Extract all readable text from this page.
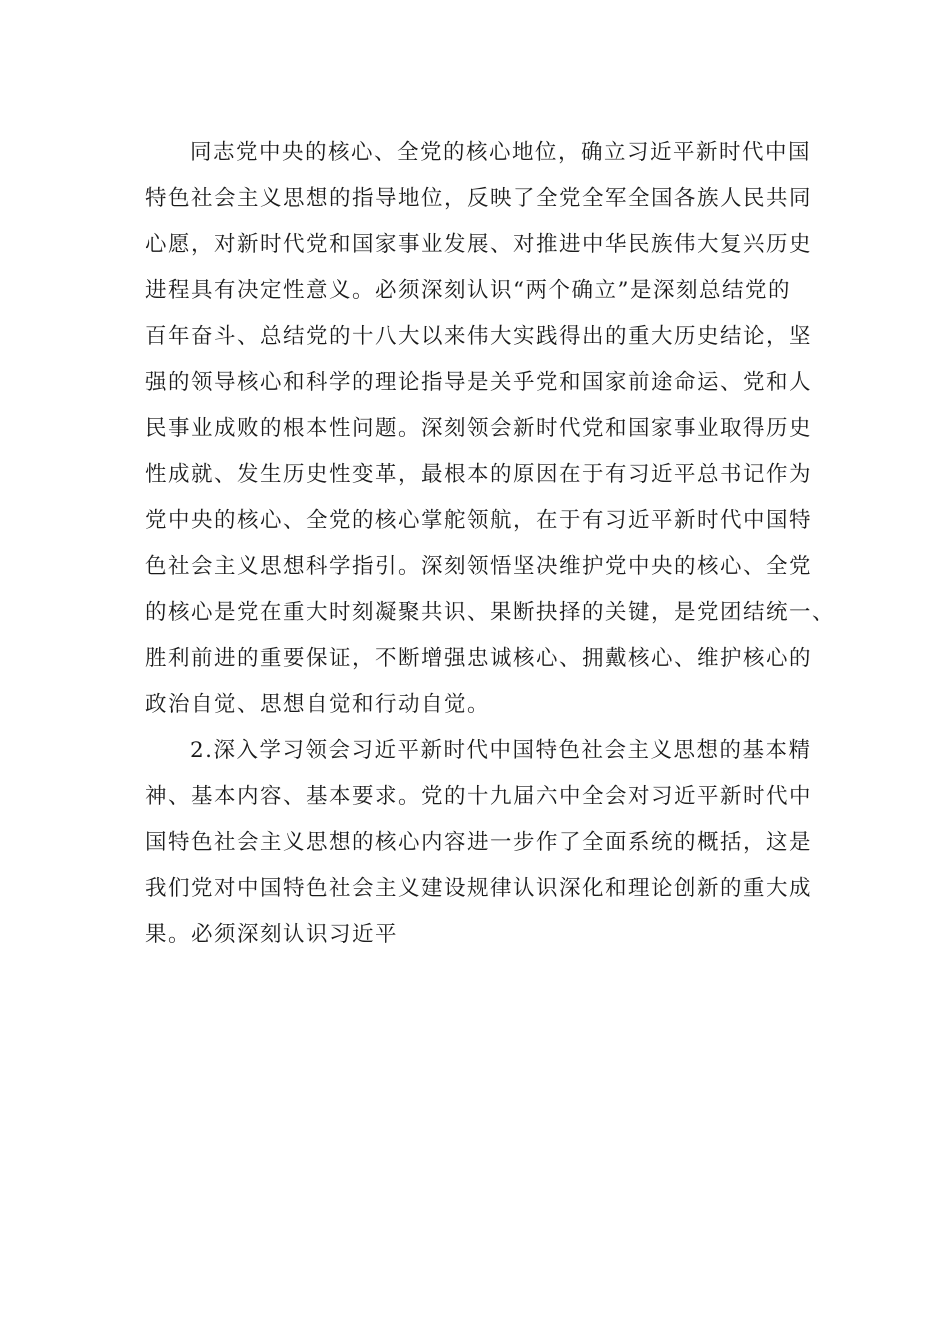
同志党中央的核心、全党的核心地位，确立习近平新时代中国
特色社会主义思想的指导地位，反映了全党全军全国各族人民共同
心愿，对新时代党和国家事业发展、对推进中华民族伟大复兴历史
进程具有决定性意义。必须深刻认识“两个确立”是深刻总结党的
百年奋斗、总结党的十八大以来伟大实践得出的重大历史结论，坚
强的领导核心和科学的理论指导是关乎党和国家前途命运、党和人
民事业成败的根本性问题。深刻领会新时代党和国家事业取得历史
性成就、发生历史性变革，最根本的原因在于有习近平总书记作为
党中央的核心、全党的核心掌舵领航，在于有习近平新时代中国特
色社会主义思想科学指引。深刻领悟坚决维护党中央的核心、全党
的核心是党在重大时刻凝聚共识、果断抉择的关键，是党团结统一、
胜利前进的重要保证，不断增强忠诚核心、拥戴核心、维护核心的
政治自觉、思想自觉和行动自觉。
2.深入学习领会习近平新时代中国特色社会主义思想的基本精
神、基本内容、基本要求。党的十九届六中全会对习近平新时代中
国特色社会主义思想的核心内容进一步作了全面系统的概括，这是
我们党对中国特色社会主义建设规律认识深化和理论创新的重大成
果。必须深刻认识习近平
